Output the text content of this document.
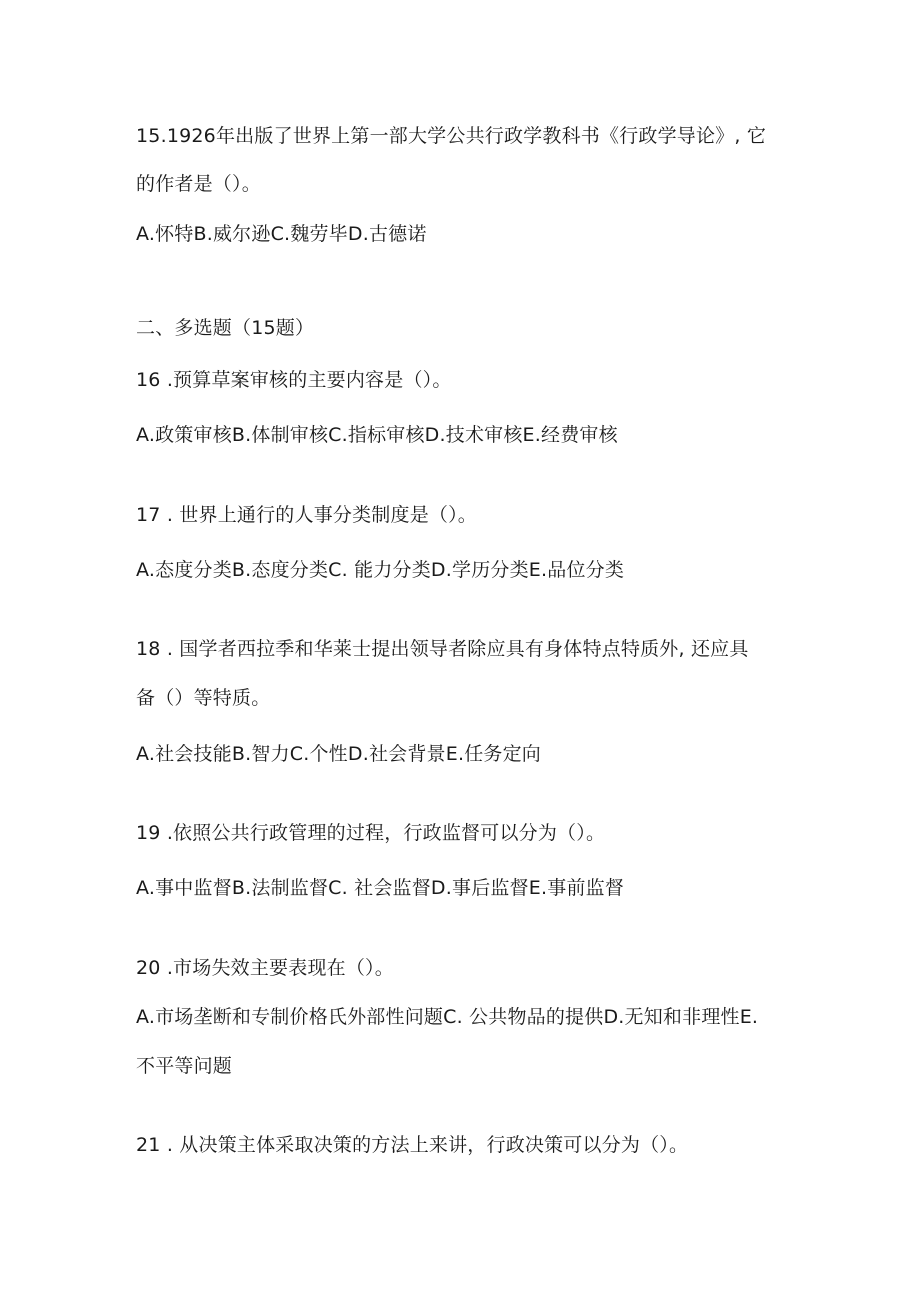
15.1926年出版了世界上第一部大学公共行政学教科书《行政学导论》, 它
的作者是（）。
A.怀特B.威尔逊C.魏劳毕D.古德诺
二、多选题（15题）
16 .预算草案审核的主要内容是（）。
A.政策审核B.体制审核C.指标审核D.技术审核E.经费审核
17 . 世界上通行的人事分类制度是（）。
A.态度分类B.态度分类C. 能力分类D.学历分类E.品位分类
18 . 国学者西拉季和华莱士提出领导者除应具有身体特点特质外, 还应具
备（）等特质。
A.社会技能B.智力C.个性D.社会背景E.任务定向
19 .依照公共行政管理的过程，行政监督可以分为（）。
A.事中监督B.法制监督C. 社会监督D.事后监督E.事前监督
20 .市场失效主要表现在（）。
A.市场垄断和专制价格氏外部性问题C. 公共物品的提供D.无知和非理性E.
不平等问题
21 . 从决策主体采取决策的方法上来讲，行政决策可以分为（）。
